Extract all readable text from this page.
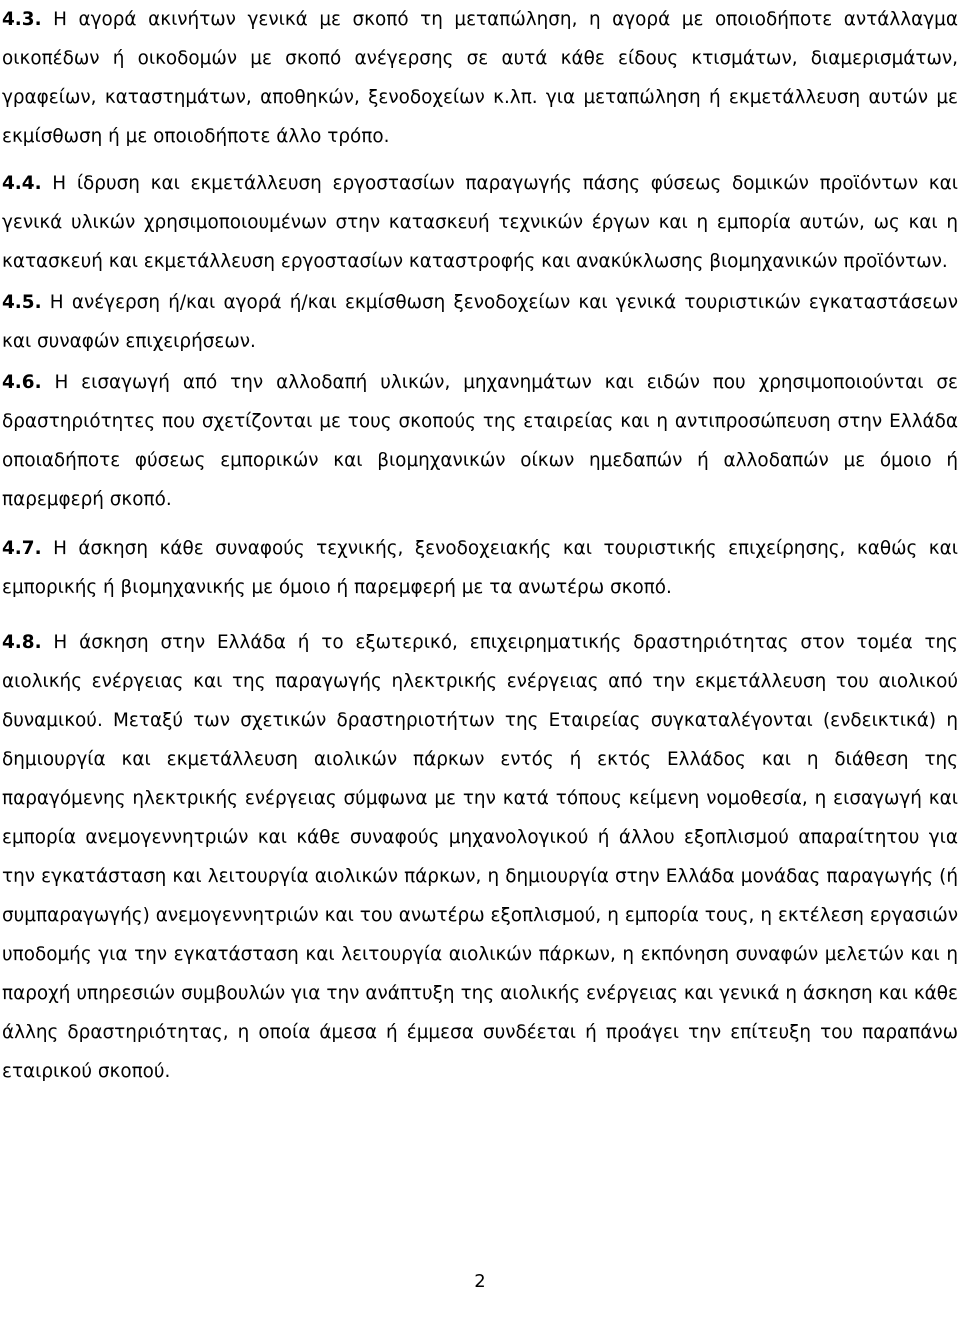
4.3. Η αγορά ακινήτων γενικά με σκοπό τη μεταπώληση, η αγορά με οποιοδήποτε αντάλλαγμα οικοπέδων ή οικοδομών με σκοπό ανέγερσης σε αυτά κάθε είδους κτισμάτων, διαμερισμάτων, γραφείων, καταστημάτων, αποθηκών, ξενοδοχείων κ.λπ. για μεταπώληση ή εκμετάλλευση αυτών με εκμίσθωση ή με οποιοδήποτε άλλο τρόπο.

4.4. Η ίδρυση και εκμετάλλευση εργοστασίων παραγωγής πάσης φύσεως δομικών προϊόντων και γενικά υλικών χρησιμοποιουμένων στην κατασκευή τεχνικών έργων και η εμπορία αυτών, ως και η κατασκευή και εκμετάλλευση εργοστασίων καταστροφής και ανακύκλωσης βιομηχανικών προϊόντων.

4.5. Η ανέγερση ή/και αγορά ή/και εκμίσθωση ξενοδοχείων και γενικά τουριστικών εγκαταστάσεων και συναφών επιχειρήσεων.

4.6. Η εισαγωγή από την αλλοδαπή υλικών, μηχανημάτων και ειδών που χρησιμοποιούνται σε δραστηριότητες που σχετίζονται με τους σκοπούς της εταιρείας και η αντιπροσώπευση στην Ελλάδα οποιαδήποτε φύσεως εμπορικών και βιομηχανικών οίκων ημεδαπών ή αλλοδαπών με όμοιο ή παρεμφερή σκοπό.

4.7. Η άσκηση κάθε συναφούς τεχνικής, ξενοδοχειακής και τουριστικής επιχείρησης, καθώς και εμπορικής ή βιομηχανικής με όμοιο ή παρεμφερή με τα ανωτέρω σκοπό.

4.8. Η άσκηση στην Ελλάδα ή το εξωτερικό, επιχειρηματικής δραστηριότητας στον τομέα της αιολικής ενέργειας και της παραγωγής ηλεκτρικής ενέργειας από την εκμετάλλευση του αιολικού δυναμικού. Μεταξύ των σχετικών δραστηριοτήτων της Εταιρείας συγκαταλέγονται (ενδεικτικά) η δημιουργία και εκμετάλλευση αιολικών πάρκων εντός ή εκτός Ελλάδος και η διάθεση της παραγόμενης ηλεκτρικής ενέργειας σύμφωνα με την κατά τόπους κείμενη νομοθεσία, η εισαγωγή και εμπορία ανεμογεννητριών και κάθε συναφούς μηχανολογικού ή άλλου εξοπλισμού απαραίτητου για την εγκατάσταση και λειτουργία αιολικών πάρκων, η δημιουργία στην Ελλάδα μονάδας παραγωγής (ή συμπαραγωγής) ανεμογεννητριών και του ανωτέρω εξοπλισμού, η εμπορία τους, η εκτέλεση εργασιών υποδομής για την εγκατάσταση και λειτουργία αιολικών πάρκων, η εκπόνηση συναφών μελετών και η παροχή υπηρεσιών συμβουλών για την ανάπτυξη της αιολικής ενέργειας και γενικά η άσκηση και κάθε άλλης δραστηριότητας, η οποία άμεσα ή έμμεσα συνδέεται ή προάγει την επίτευξη του παραπάνω εταιρικού σκοπού.

2
